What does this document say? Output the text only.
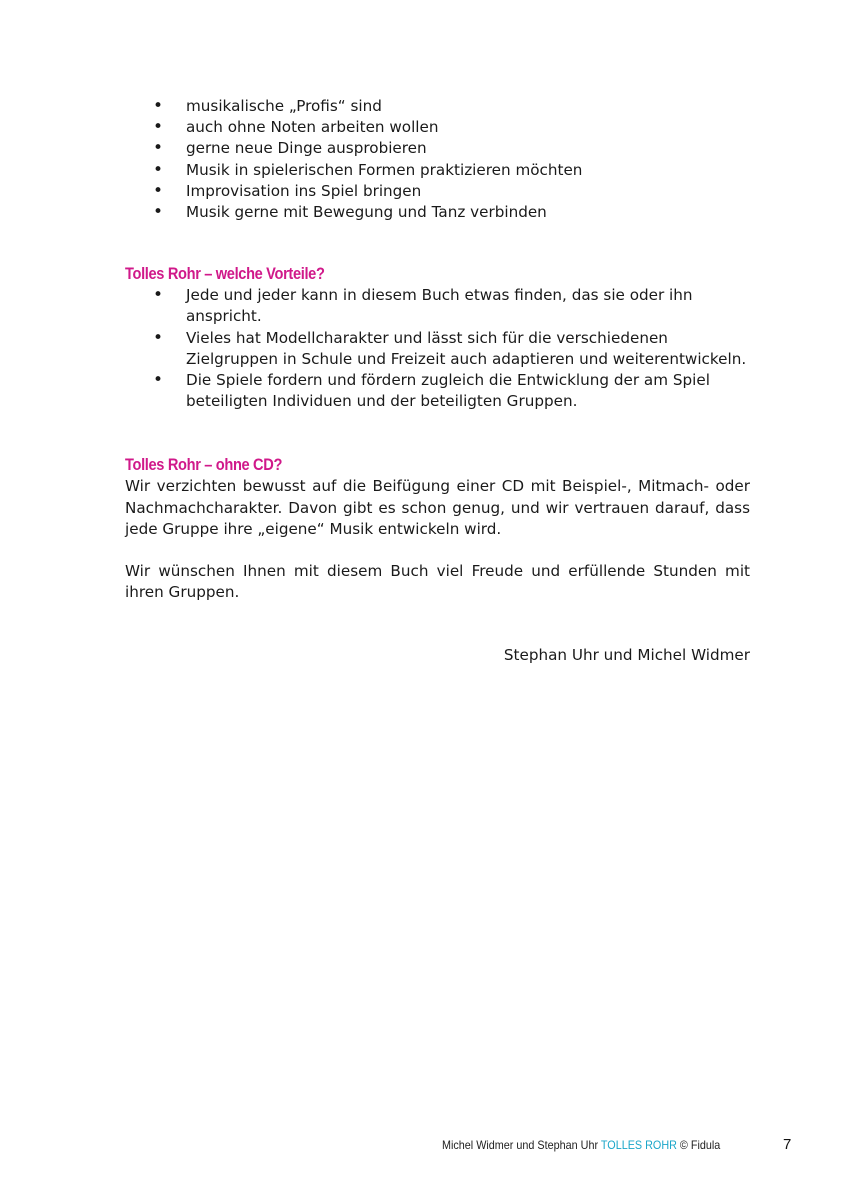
• musikalische „Profis“ sind
• auch ohne Noten arbeiten wollen
• gerne neue Dinge ausprobieren
• Musik in spielerischen Formen praktizieren möchten
• Improvisation ins Spiel bringen
• Musik gerne mit Bewegung und Tanz verbinden
Tolles Rohr – welche Vorteile?
• Jede und jeder kann in diesem Buch etwas finden, das sie oder ihn anspricht.
• Vieles hat Modellcharakter und lässt sich für die verschiedenen Zielgruppen in Schule und Freizeit auch adaptieren und weiterentwickeln.
• Die Spiele fordern und fördern zugleich die Entwicklung der am Spiel beteiligten Individuen und der beteiligten Gruppen.
Tolles Rohr – ohne CD?

Wir verzichten bewusst auf die Beifügung einer CD mit Beispiel-, Mitmach- oder Nachmachcharakter. Davon gibt es schon genug, und wir vertrauen darauf, dass jede Gruppe ihre „eigene“ Musik entwickeln wird.

Wir wünschen Ihnen mit diesem Buch viel Freude und erfüllende Stunden mit ihren Gruppen.

Stephan Uhr und Michel Widmer
Michel Widmer und Stephan Uhr TOLLES ROHR © Fidula	7
